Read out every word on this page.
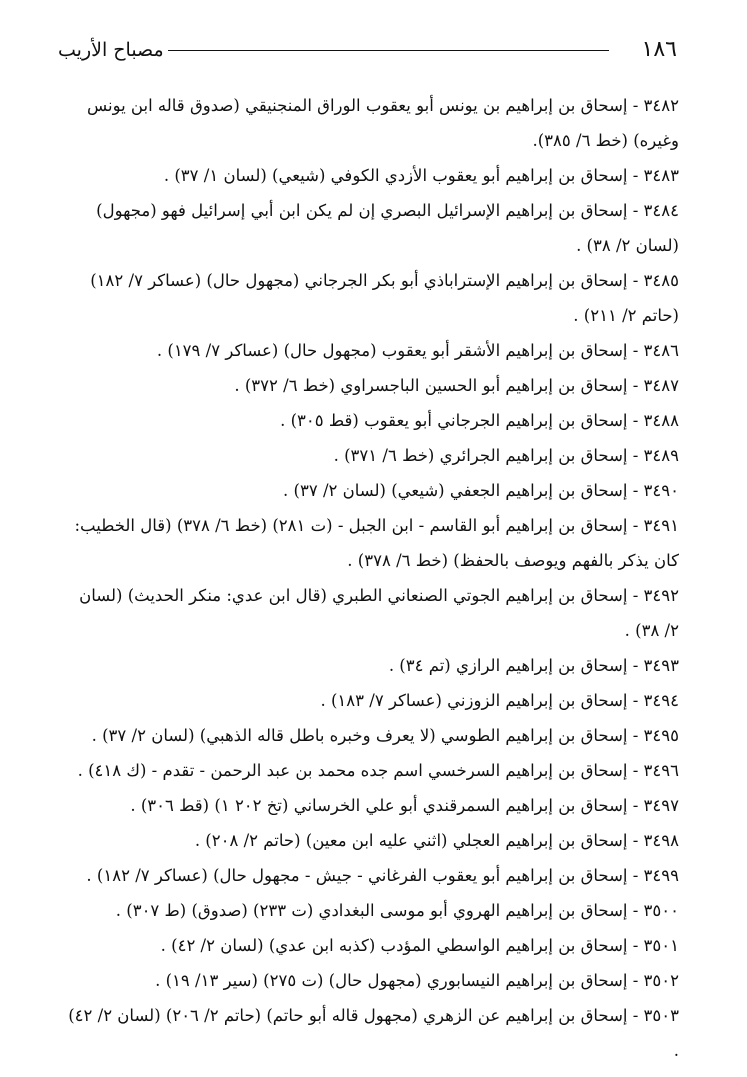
١٨٦
مصباح الأريب
٣٤٨٢ - إسحاق بن إبراهيم بن يونس أبو يعقوب الوراق المنجنيقي (صدوق قاله ابن يونس وغيره) (خط ٦/ ٣٨٥).
٣٤٨٣ - إسحاق بن إبراهيم أبو يعقوب الأزدي الكوفي (شيعي) (لسان ١/ ٣٧) .
٣٤٨٤ - إسحاق بن إبراهيم الإسرائيل البصري إن لم يكن ابن أبي إسرائيل فهو (مجهول) (لسان ٢/ ٣٨) .
٣٤٨٥ - إسحاق بن إبراهيم الإستراباذي أبو بكر الجرجاني (مجهول حال) (عساكر ٧/ ١٨٢) (حاتم ٢/ ٢١١) .
٣٤٨٦ - إسحاق بن إبراهيم الأشقر أبو يعقوب (مجهول حال) (عساكر ٧/ ١٧٩) .
٣٤٨٧ - إسحاق بن إبراهيم أبو الحسين الباجسراوي (خط ٦/ ٣٧٢) .
٣٤٨٨ - إسحاق بن إبراهيم الجرجاني أبو يعقوب (قط ٣٠٥) .
٣٤٨٩ - إسحاق بن إبراهيم الجرائري (خط ٦/ ٣٧١) .
٣٤٩٠ - إسحاق بن إبراهيم الجعفي (شيعي) (لسان ٢/ ٣٧) .
٣٤٩١ - إسحاق بن إبراهيم أبو القاسم - ابن الجبل - (ت ٢٨١) (خط ٦/ ٣٧٨) (قال الخطيب: كان يذكر بالفهم ويوصف بالحفظ) (خط ٦/ ٣٧٨) .
٣٤٩٢ - إسحاق بن إبراهيم الجوتي الصنعاني الطبري (قال ابن عدي: منكر الحديث) (لسان ٢/ ٣٨) .
٣٤٩٣ - إسحاق بن إبراهيم الرازي (تم ٣٤) .
٣٤٩٤ - إسحاق بن إبراهيم الزوزني (عساكر ٧/ ١٨٣) .
٣٤٩٥ - إسحاق بن إبراهيم الطوسي (لا يعرف وخبره باطل قاله الذهبي) (لسان ٢/ ٣٧) .
٣٤٩٦ - إسحاق بن إبراهيم السرخسي اسم جده محمد بن عبد الرحمن - تقدم - (ك ٤١٨) .
٣٤٩٧ - إسحاق بن إبراهيم السمرقندي أبو علي الخرساني (تخ ٢٠٢ ١) (قط ٣٠٦) .
٣٤٩٨ - إسحاق بن إبراهيم العجلي (اثني عليه ابن معين) (حاتم ٢/ ٢٠٨) .
٣٤٩٩ - إسحاق بن إبراهيم أبو يعقوب الفرغاني - جيش - مجهول حال) (عساكر ٧/ ١٨٢) .
٣٥٠٠ - إسحاق بن إبراهيم الهروي أبو موسى البغدادي (ت ٢٣٣) (صدوق) (ط ٣٠٧) .
٣٥٠١ - إسحاق بن إبراهيم الواسطي المؤدب (كذبه ابن عدي) (لسان ٢/ ٤٢) .
٣٥٠٢ - إسحاق بن إبراهيم النيسابوري (مجهول حال) (ت ٢٧٥) (سير ١٣/ ١٩) .
٣٥٠٣ - إسحاق بن إبراهيم عن الزهري (مجهول قاله أبو حاتم) (حاتم ٢/ ٢٠٦) (لسان ٢/ ٤٢) .
